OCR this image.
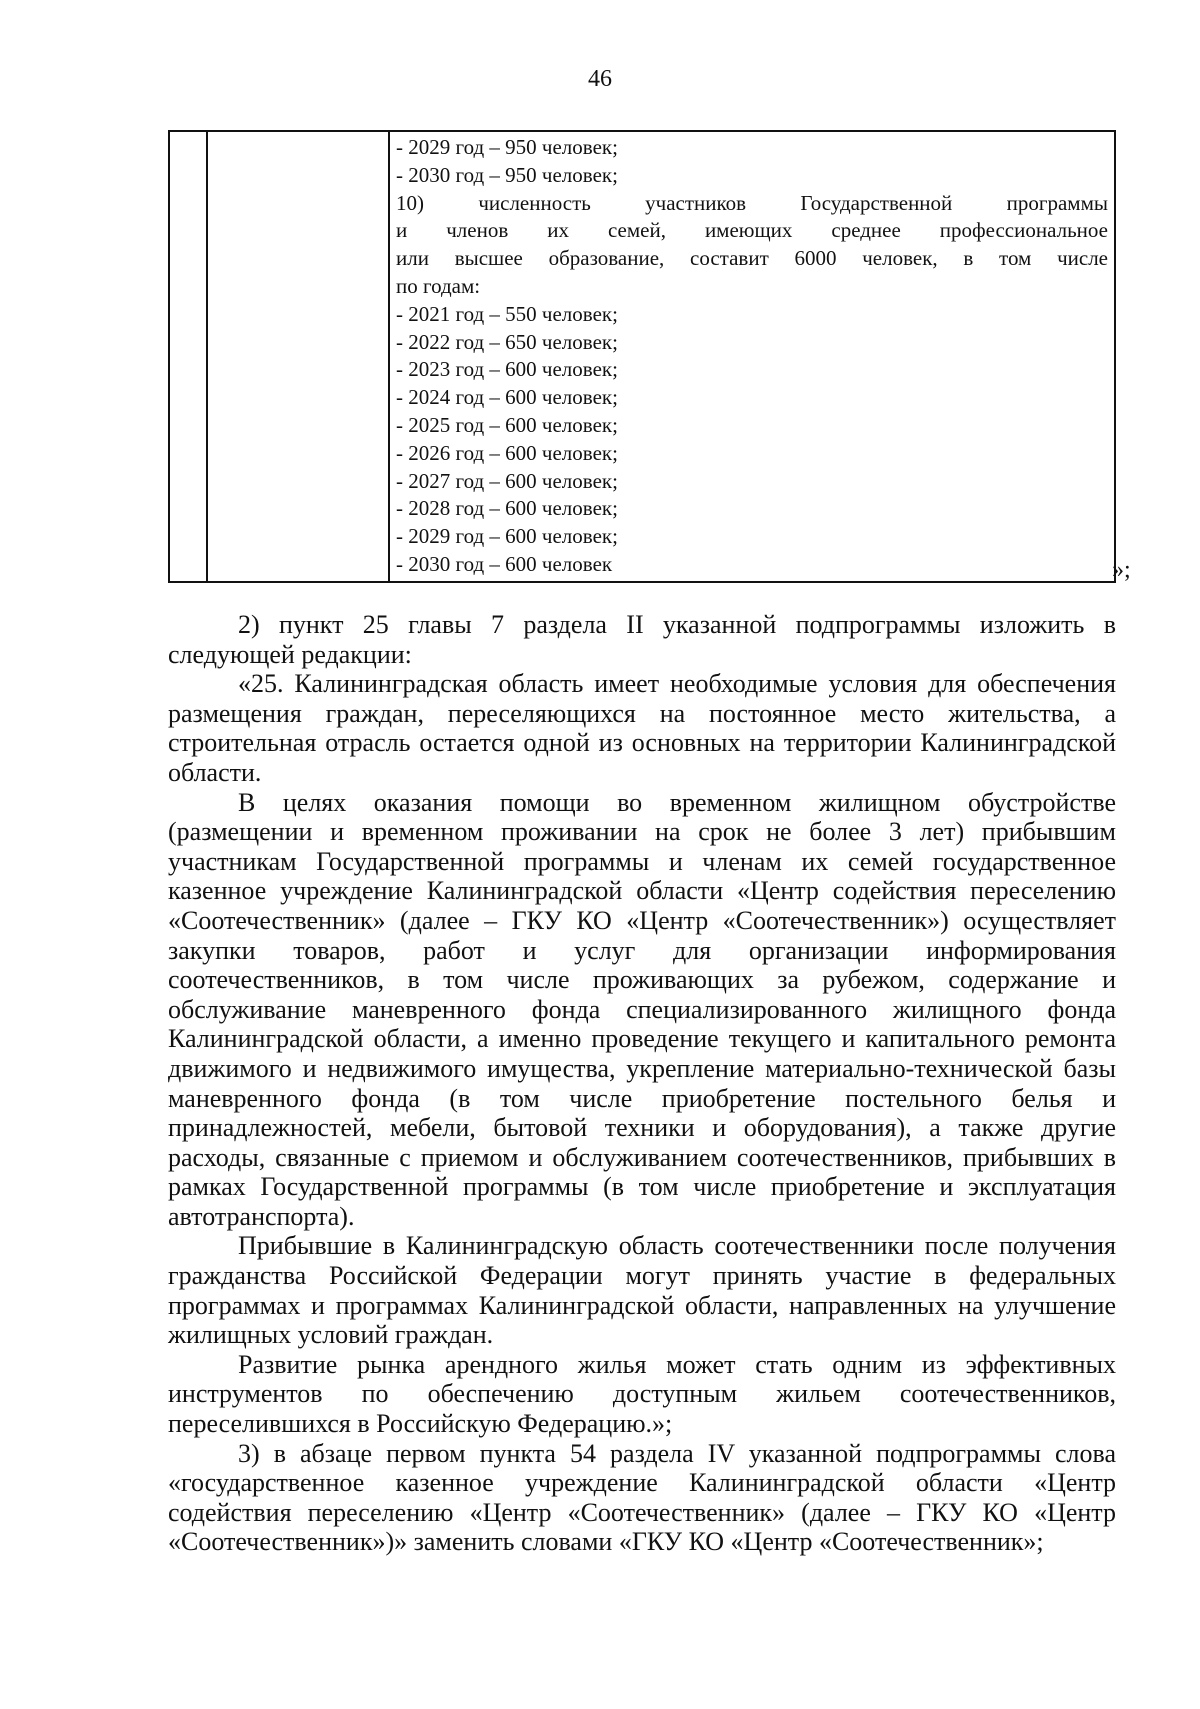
46

- 2029 год – 950 человек;
- 2030 год – 950 человек;
10) численность участников Государственной программы
и членов их семей, имеющих среднее профессиональное
или высшее образование, составит 6000 человек, в том числе
по годам:
- 2021 год – 550 человек;
- 2022 год – 650 человек;
- 2023 год – 600 человек;
- 2024 год – 600 человек;
- 2025 год – 600 человек;
- 2026 год – 600 человек;
- 2027 год – 600 человек;
- 2028 год – 600 человек;
- 2029 год – 600 человек;
- 2030 год – 600 человек	»;

2) пункт 25 главы 7 раздела II указанной подпрограммы изложить в следующей редакции:

«25. Калининградская область имеет необходимые условия для обеспечения размещения граждан, переселяющихся на постоянное место жительства, а строительная отрасль остается одной из основных на территории Калининградской области.

В целях оказания помощи во временном жилищном обустройстве (размещении и временном проживании на срок не более 3 лет) прибывшим участникам Государственной программы и членам их семей государственное казенное учреждение Калининградской области «Центр содействия переселению «Соотечественник» (далее – ГКУ КО «Центр «Соотечественник») осуществляет закупки товаров, работ и услуг для организации информирования соотечественников, в том числе проживающих за рубежом, содержание и обслуживание маневренного фонда специализированного жилищного фонда Калининградской области, а именно проведение текущего и капитального ремонта движимого и недвижимого имущества, укрепление материально-технической базы маневренного фонда (в том числе приобретение постельного белья и принадлежностей, мебели, бытовой техники и оборудования), а также другие расходы, связанные с приемом и обслуживанием соотечественников, прибывших в рамках Государственной программы (в том числе приобретение и эксплуатация автотранспорта).

Прибывшие в Калининградскую область соотечественники после получения гражданства Российской Федерации могут принять участие в федеральных программах и программах Калининградской области, направленных на улучшение жилищных условий граждан.

Развитие рынка арендного жилья может стать одним из эффективных инструментов по обеспечению доступным жильем соотечественников, переселившихся в Российскую Федерацию.»;

3) в абзаце первом пункта 54 раздела IV указанной подпрограммы слова «государственное казенное учреждение Калининградской области «Центр содействия переселению «Центр «Соотечественник» (далее – ГКУ КО «Центр «Соотечественник»)» заменить словами «ГКУ КО «Центр «Соотечественник»;
